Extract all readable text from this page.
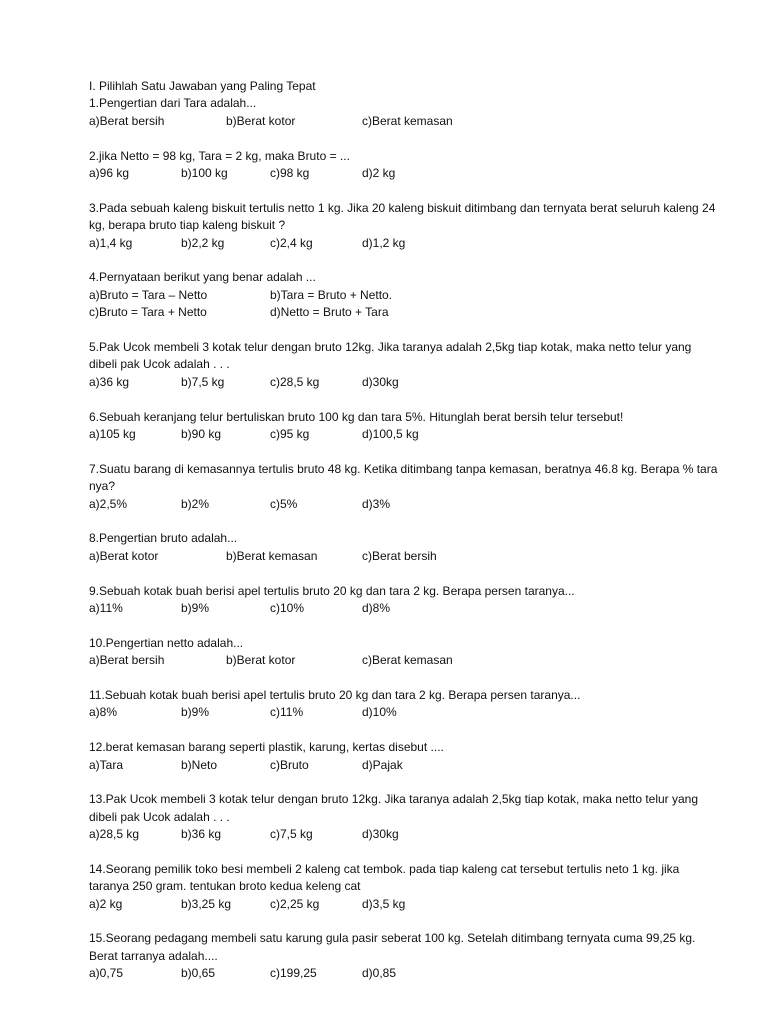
I. Pilihlah Satu Jawaban yang Paling Tepat
1.Pengertian dari Tara adalah...
a)Berat bersih	b)Berat kotor	c)Berat kemasan
2.jika Netto = 98 kg, Tara = 2 kg, maka Bruto = ...
a)96 kg	b)100 kg	c)98 kg	d)2 kg
3.Pada sebuah kaleng biskuit tertulis netto 1 kg. Jika 20 kaleng biskuit ditimbang dan ternyata berat seluruh kaleng 24 kg, berapa bruto tiap kaleng biskuit ?
a)1,4 kg	b)2,2 kg	c)2,4 kg	d)1,2 kg
4.Pernyataan berikut yang benar adalah ...
a)Bruto = Tara – Netto	b)Tara = Bruto + Netto.
c)Bruto = Tara + Netto	d)Netto = Bruto + Tara
5.Pak Ucok membeli 3 kotak telur dengan bruto 12kg. Jika taranya adalah 2,5kg tiap kotak, maka netto telur yang dibeli pak Ucok adalah . . .
a)36 kg	b)7,5 kg	c)28,5 kg	d)30kg
6.Sebuah keranjang telur bertuliskan bruto 100 kg dan tara 5%. Hitunglah berat bersih telur tersebut!
a)105 kg	b)90 kg	c)95 kg	d)100,5 kg
7.Suatu barang di kemasannya tertulis bruto 48 kg. Ketika ditimbang tanpa kemasan, beratnya 46.8 kg. Berapa % tara nya?
a)2,5%	b)2%	c)5%	d)3%
8.Pengertian bruto adalah...
a)Berat kotor	b)Berat kemasan	c)Berat bersih
9.Sebuah kotak buah berisi apel tertulis bruto 20 kg dan tara 2 kg. Berapa persen taranya...
a)11%	b)9%	c)10%	d)8%
10.Pengertian netto adalah...
a)Berat bersih	b)Berat kotor	c)Berat kemasan
11.Sebuah kotak buah berisi apel tertulis bruto 20 kg dan tara 2 kg. Berapa persen taranya...
a)8%	b)9%	c)11%	d)10%
12.berat kemasan barang seperti plastik, karung, kertas disebut ....
a)Tara	b)Neto	c)Bruto	d)Pajak
13.Pak Ucok membeli 3 kotak telur dengan bruto 12kg. Jika taranya adalah 2,5kg tiap kotak, maka netto telur yang dibeli pak Ucok adalah . . .
a)28,5 kg	b)36 kg	c)7,5 kg	d)30kg
14.Seorang pemilik toko besi membeli 2 kaleng cat tembok. pada tiap kaleng cat tersebut tertulis neto 1 kg. jika taranya 250 gram. tentukan broto kedua keleng cat
a)2 kg	b)3,25 kg	c)2,25 kg	d)3,5 kg
15.Seorang pedagang membeli satu karung gula pasir seberat 100 kg. Setelah ditimbang ternyata cuma 99,25 kg. Berat tarranya adalah....
a)0,75	b)0,65	c)199,25	d)0,85
